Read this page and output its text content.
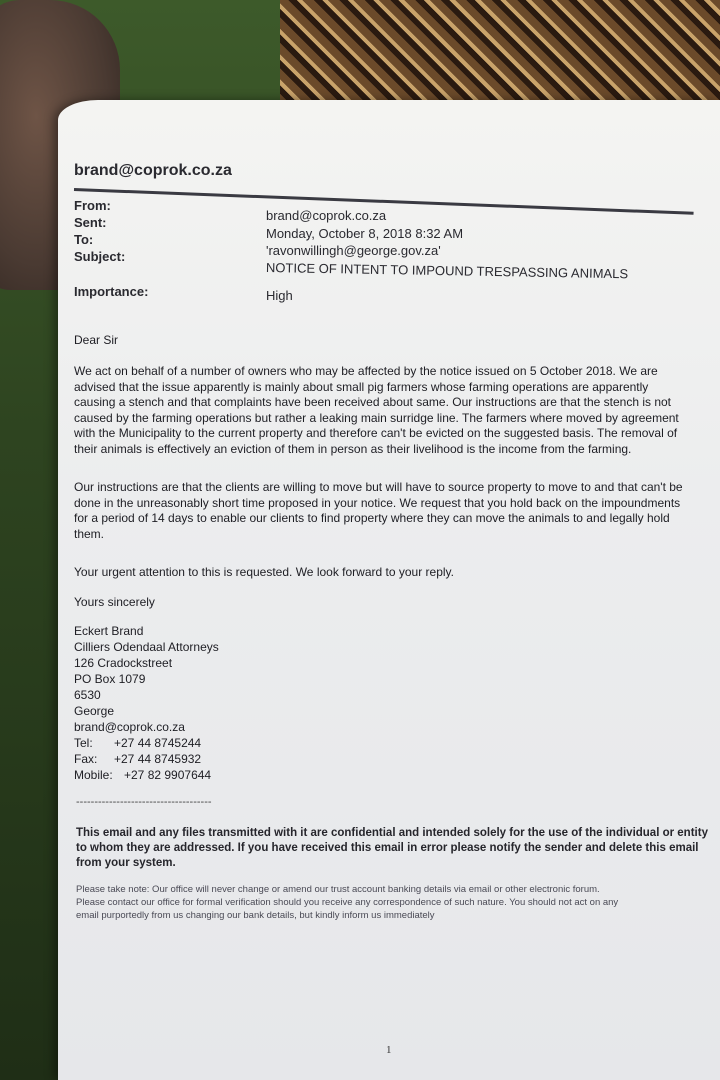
brand@coprok.co.za
From:
Sent:
To:
Subject:
Importance:
brand@coprok.co.za
Monday, October 8, 2018 8:32 AM
'ravonwillingh@george.gov.za'
NOTICE OF INTENT TO IMPOUND TRESPASSING ANIMALS
High
Dear Sir
We act on behalf of a number of owners who may be affected by the notice issued on 5 October 2018. We are
advised that the issue apparently is mainly about small pig farmers whose farming operations are apparently
causing a stench and that complaints have been received about same. Our instructions are that the stench is not
caused by the farming operations but rather a leaking main surridge line. The farmers where moved by agreement
with the Municipality to the current property and therefore can't be evicted on the suggested basis. The removal of
their animals is effectively an eviction of them in person as their livelihood is the income from the farming.
Our instructions are that the clients are willing to move but will have to source property to move to and that can't be
done in the unreasonably short time proposed in your notice. We request that you hold back on the impoundments
for a period of 14 days to enable our clients to find property where they can move the animals to and legally hold
them.
Your urgent attention to this is requested. We look forward to your reply.
Yours sincerely
Eckert Brand
Cilliers Odendaal Attorneys
126 Cradockstreet
PO Box 1079
6530
George
brand@coprok.co.za
Tel: +27 44 8745244
Fax: +27 44 8745932
Mobile: +27 82 9907644
-------------------------------------
This email and any files transmitted with it are confidential and intended solely for the use of the individual or entity
to whom they are addressed. If you have received this email in error please notify the sender and delete this email
from your system.
Please take note: Our office will never change or amend our trust account banking details via email or other electronic forum.
Please contact our office for formal verification should you receive any correspondence of such nature. You should not act on any
email purportedly from us changing our bank details, but kindly inform us immediately
1
